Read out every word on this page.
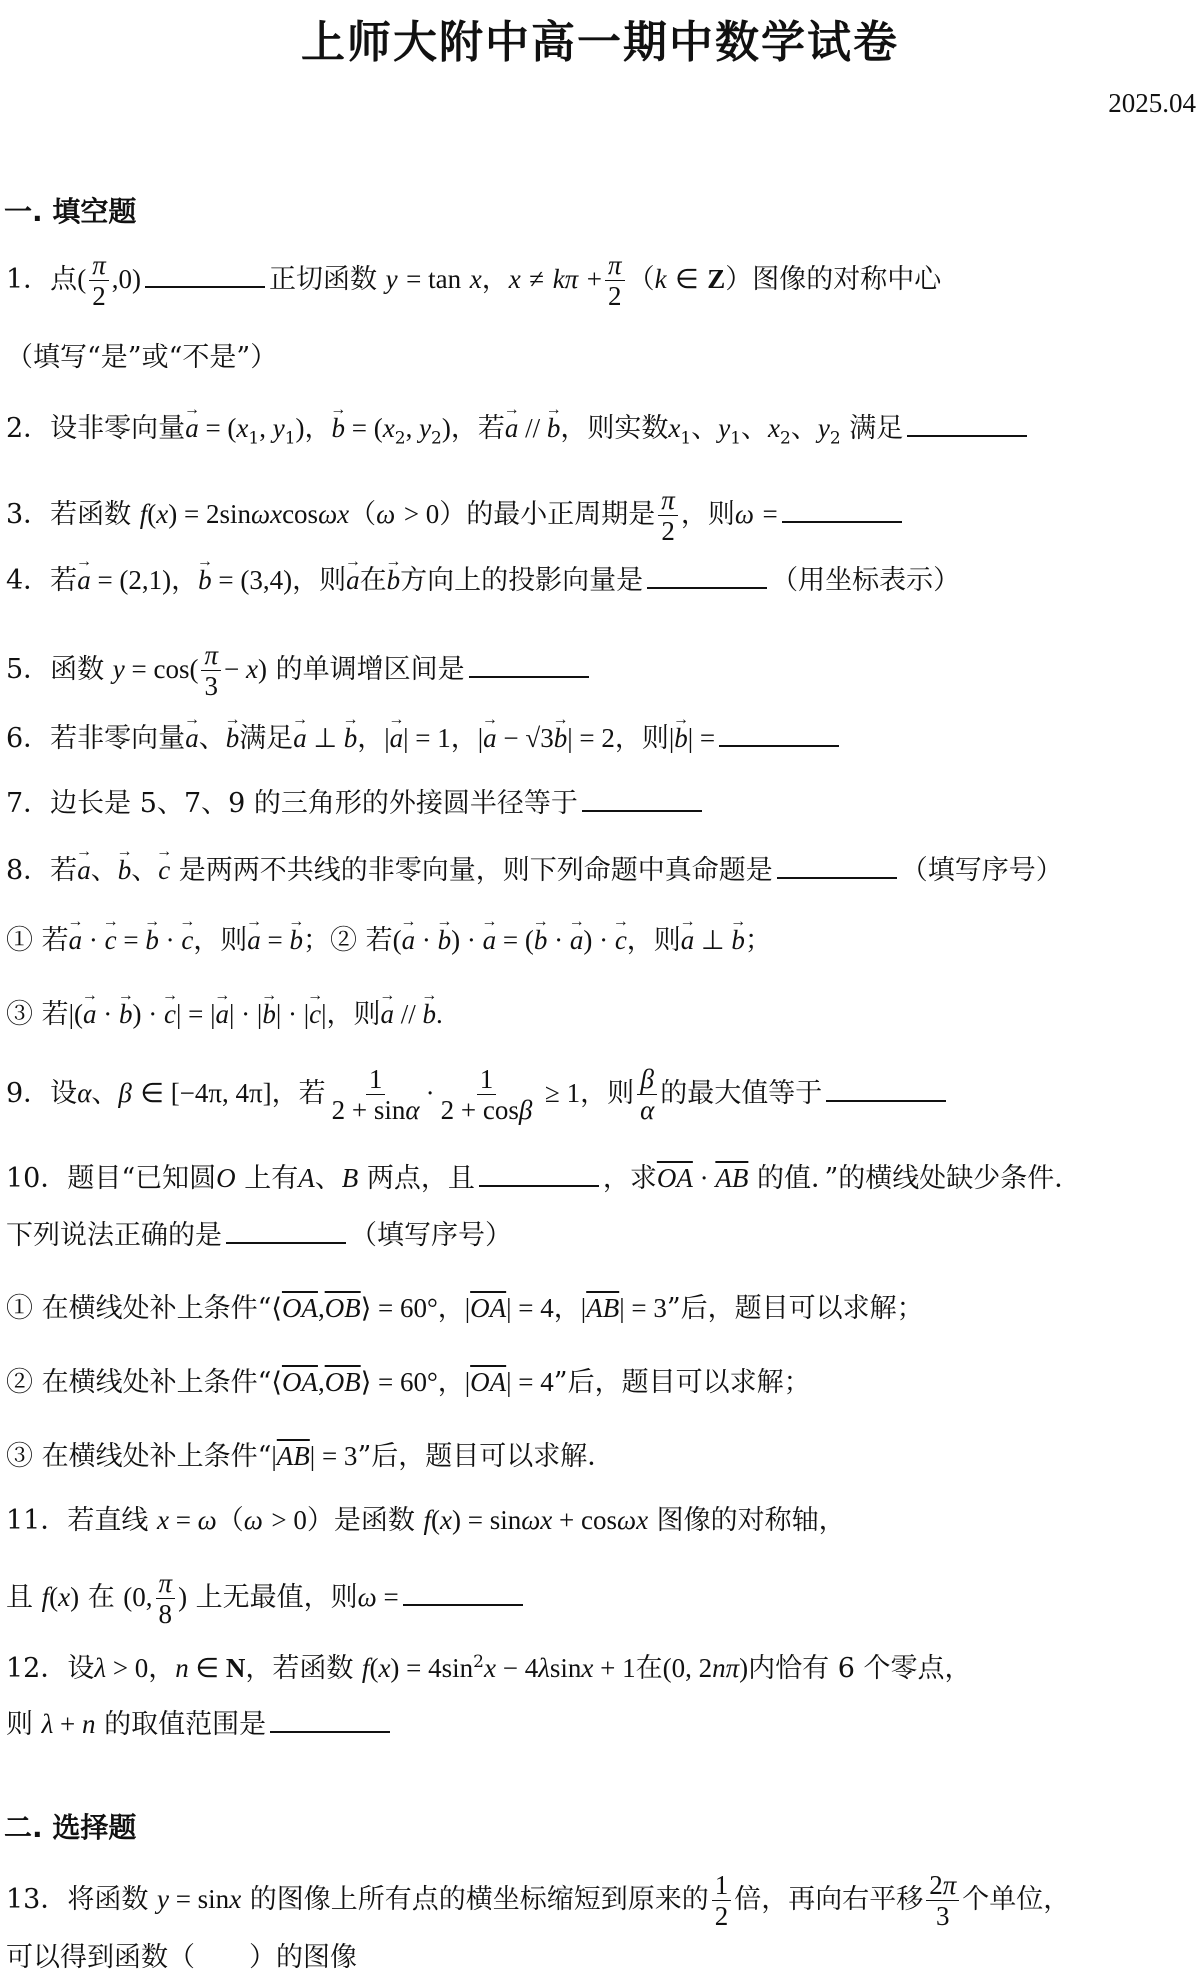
上师大附中高一期中数学试卷
2025.04
一. 填空题
1．点( $\frac{\pi}{2} ,0$)	正切函数 y = tan x，$x \ne k\pi + \frac{\pi}{2} (k$ ∈ Z）图像的对称中心
（填写“是”或“不是”）
2．设非零向量→ $a = (x_1$, $y_1$)，→ $b = (x_2$, $y_2$)，若→ a // → b，则实数$x_1$、$y_1$、$x_2$、$y_2$ 满足
3．若函数 f(x) = 2sinωxcosωx（ω > 0）的最小正周期是 $\frac{\pi}{2}$ ，则ω =
4．若→ a = (2,1)，→ b = (3,4)，则→ a在→ b方向上的投影向量是	（用坐标表示）
5．函数 $y = \cos( \frac{\pi}{3} - x)$ 的单调增区间是
6．若非零向量→ a、→ b满足→ a ⊥ → b，|→ a| = 1，|→ a − √3→ b| = 2，则|→ b| =
7．边长是 5、7、9 的三角形的外接圆半径等于
8．若→ a、→ b、→ c 是两两不共线的非零向量，则下列命题中真命题是	（填写序号）
① 若→ a · → c = → b · → c，则→ a = → b；② 若(→ a · → b) · → a = (→ b · → a) · → c，则→ a ⊥ → b；
③ 若|(→ a · → b) · → c| = |→ a| · |→ b| · |→ c|，则→ a // → b.
9．设α、β ∈ [−4π, 4π]，若 $\frac{1}{2 + \sin\alpha} \cdot \frac{1}{2 + \cos\beta} \ge 1$，则 $\frac{\beta}{\alpha}$ 的最大值等于
10．题目“已知圆O 上有A、B 两点，且	，求$\overline{OA} \cdot \overline{AB}$ 的值．”的横线处缺少条件．
下列说法正确的是	（填写序号）
① 在横线处补上条件“$⟨\overline{OA},\overline{OB}⟩ = 60^\circ$，$|\overline{OA}| = 4$，$|\overline{AB}| = 3$”后，题目可以求解；
② 在横线处补上条件“$⟨\overline{OA},\overline{OB}⟩ = 60^\circ$，$|\overline{OA}| = 4$”后，题目可以求解；
③ 在横线处补上条件“$|\overline{AB}| = 3$”后，题目可以求解．
11．若直线 x = ω（ω > 0）是函数 f(x) = sinωx + cosωx 图像的对称轴，
且 f(x) 在 (0, $\frac{\pi}{8}$ ) 上无最值，则ω =
12．设λ > 0，n ∈ N，若函数 $f(x) = 4\sin^2x - 4\lambda\sin x + 1$在(0, 2nπ)内恰有 6 个零点，
则 λ + n 的取值范围是
二. 选择题
13．将函数 y = sinx 的图像上所有点的横坐标缩短到原来的 $\frac{1}{2}$ 倍，再向右平移 $\frac{2\pi}{3}$ 个单位，
可以得到函数（　　）的图像
